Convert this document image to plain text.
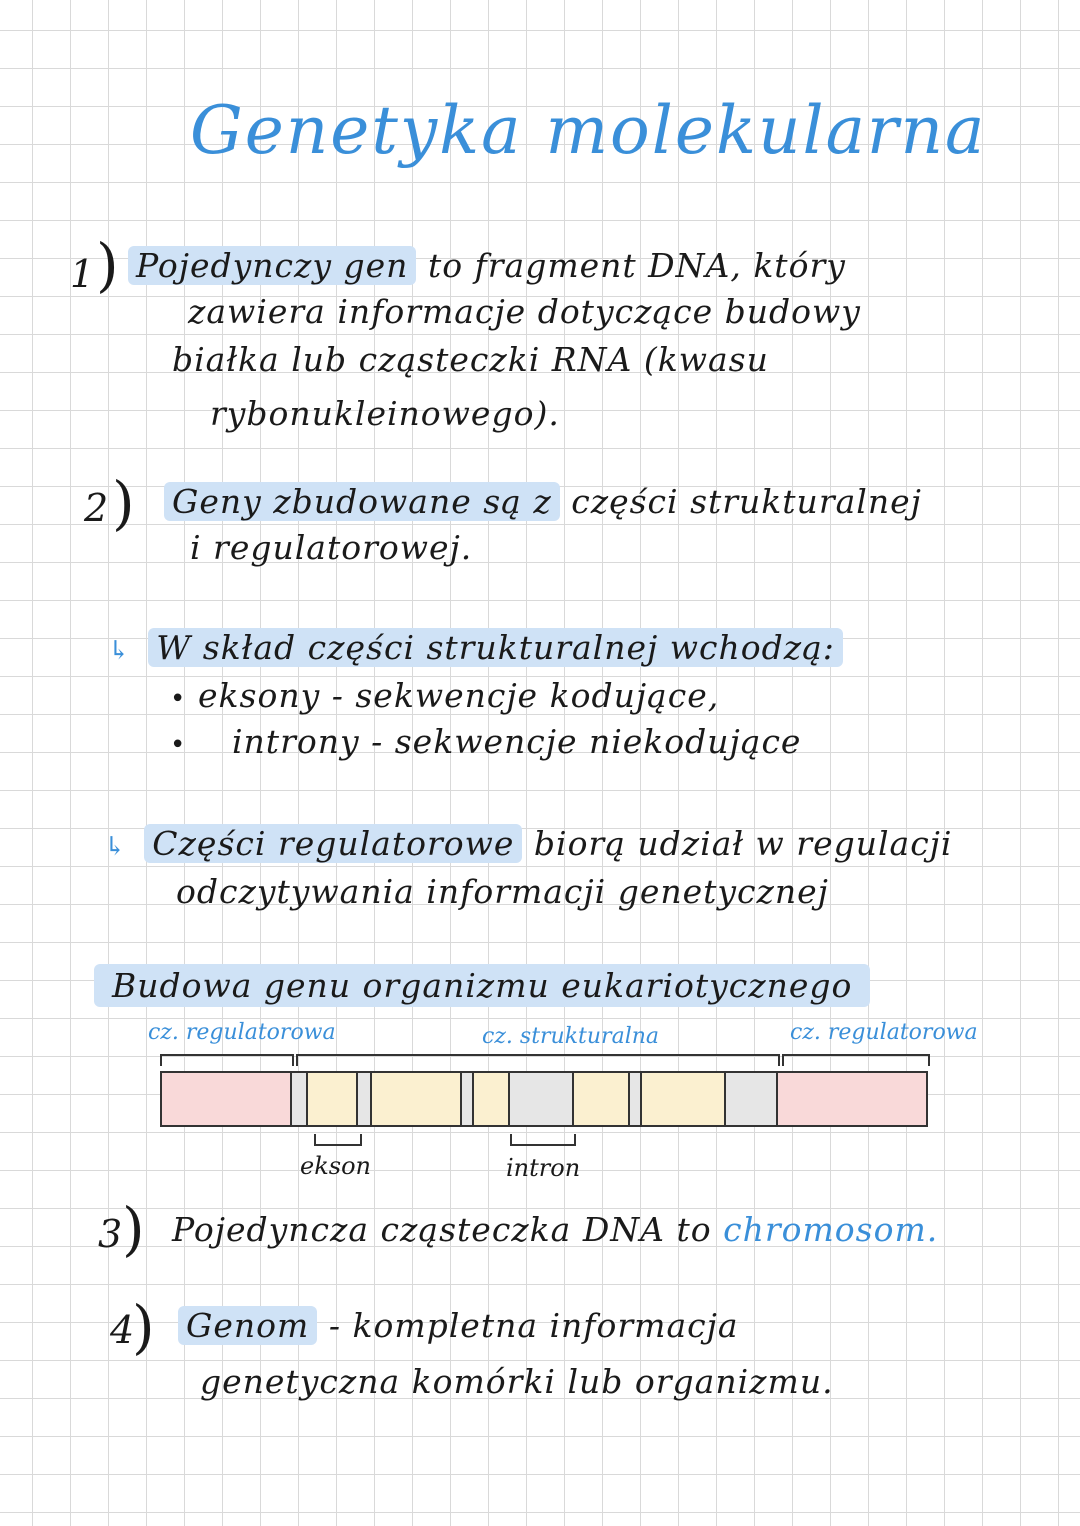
Genetyka molekularna
1 ) Pojedynczy gen to fragment DNA, który
zawiera informacje dotyczące budowy
białka lub cząsteczki RNA (kwasu
rybonukleinowego).
2 ) Geny zbudowane są z części strukturalnej
i regulatorowej.
↳ W skład części strukturalnej wchodzą:
• eksony - sekwencje kodujące,
• introny - sekwencje niekodujące
↳ Części regulatorowe biorą udział w regulacji
odczytywania informacji genetycznej
Budowa genu organizmu eukariotycznego
cz. regulatorowa	cz. strukturalna	cz. regulatorowa
ekson	intron
3 ) Pojedyncza cząsteczka DNA to chromosom.
4
) Genom - kompletna informacja
genetyczna komórki lub organizmu.
